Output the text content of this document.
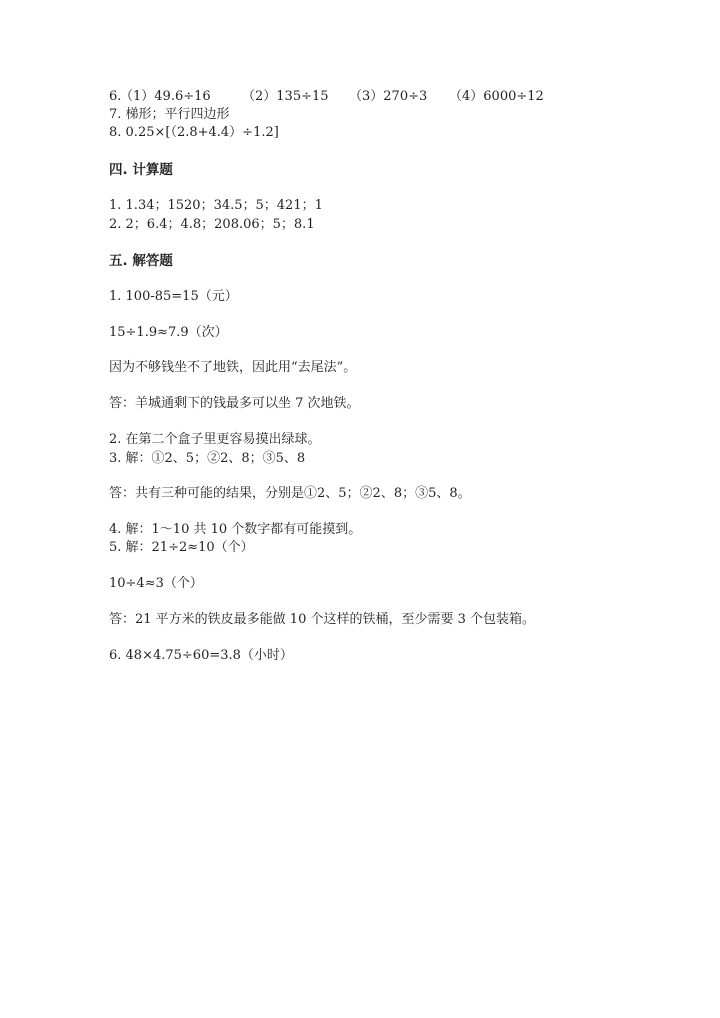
6.
（1）49.6÷16 （2）135÷15 （3）270÷3 （4）6000÷12
7. 梯形；平行四边形
8. 0.25×[（2.8+4.4）÷1.2]
四. 计算题
1. 1.34；1520；34.5；5；421；1
2. 2；6.4；4.8；208.06；5；8.1
五. 解答题
1. 100-85=15（元）
15÷1.9≈7.9（次）
因为不够钱坐不了地铁，因此用“去尾法”。
答：羊城通剩下的钱最多可以坐 7 次地铁。
2. 在第二个盒子里更容易摸出绿球。
3. 解：①2、5；②2、8；③5、8
答：共有三种可能的结果，分别是①2、5；②2、8；③5、8。
4. 解：1～10 共 10 个数字都有可能摸到。
5. 解：21÷2≈10（个）
10÷4≈3（个）
答：21 平方米的铁皮最多能做 10 个这样的铁桶，至少需要 3 个包装箱。
6. 48×4.75÷60=3.8（小时）
